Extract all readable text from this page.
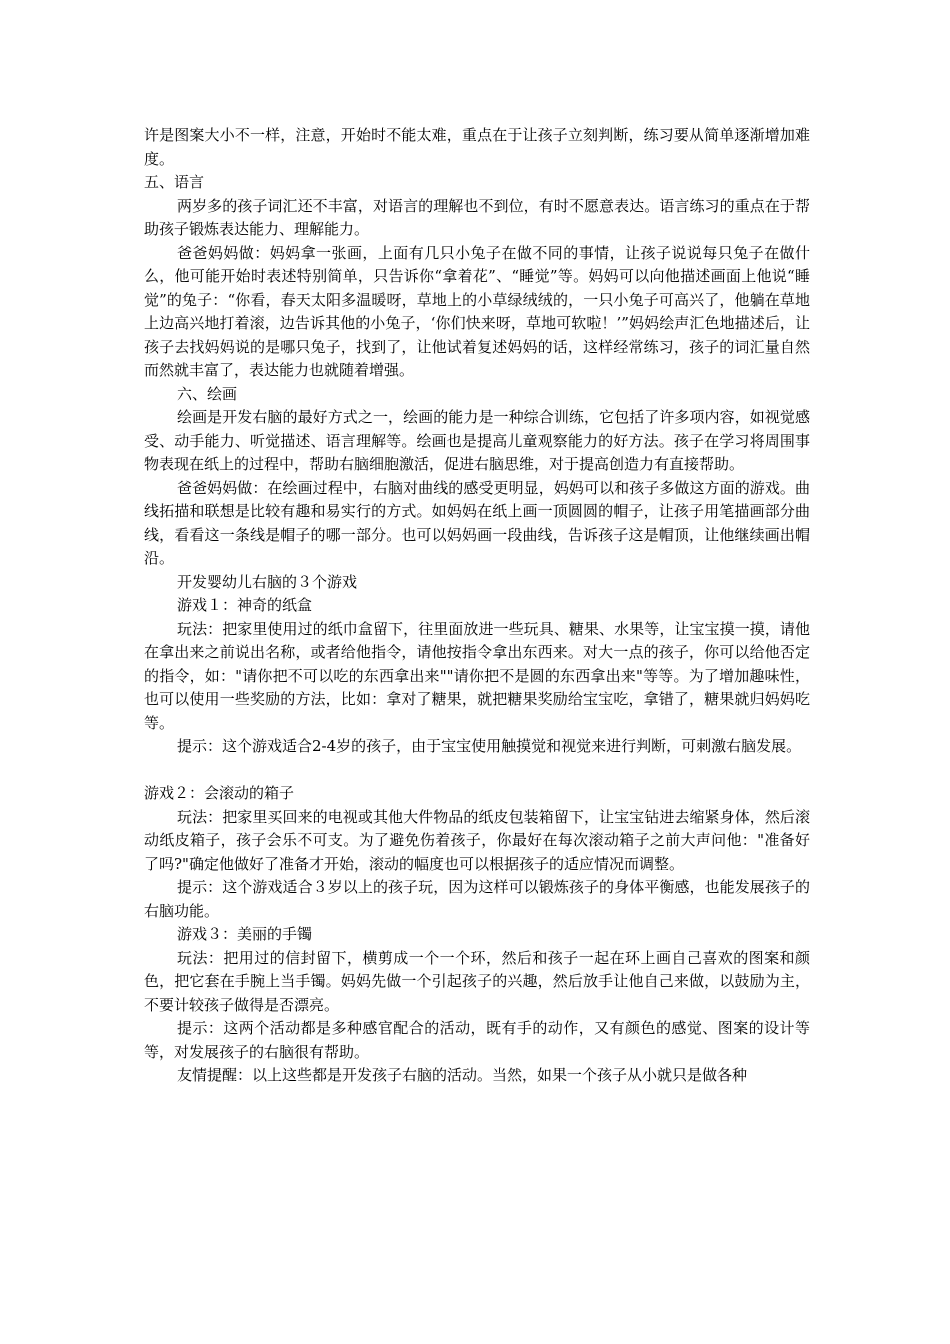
许是图案大小不一样，注意，开始时不能太难，重点在于让孩子立刻判断，练习要从简单逐渐增加难度。

五、语言

两岁多的孩子词汇还不丰富，对语言的理解也不到位，有时不愿意表达。语言练习的重点在于帮助孩子锻炼表达能力、理解能力。

爸爸妈妈做：妈妈拿一张画，上面有几只小兔子在做不同的事情，让孩子说说每只兔子在做什么，他可能开始时表述特别简单，只告诉你“拿着花”、“睡觉”等。妈妈可以向他描述画面上他说“睡觉”的兔子：“你看，春天太阳多温暖呀，草地上的小草绿绒绒的，一只小兔子可高兴了，他躺在草地上边高兴地打着滚，边告诉其他的小兔子，‘你们快来呀，草地可软啦！’”妈妈绘声汇色地描述后，让孩子去找妈妈说的是哪只兔子，找到了，让他试着复述妈妈的话，这样经常练习，孩子的词汇量自然而然就丰富了，表达能力也就随着增强。

六、绘画

绘画是开发右脑的最好方式之一，绘画的能力是一种综合训练，它包括了许多项内容，如视觉感受、动手能力、听觉描述、语言理解等。绘画也是提高儿童观察能力的好方法。孩子在学习将周围事物表现在纸上的过程中，帮助右脑细胞激活，促进右脑思维，对于提高创造力有直接帮助。

爸爸妈妈做：在绘画过程中，右脑对曲线的感受更明显，妈妈可以和孩子多做这方面的游戏。曲线拓描和联想是比较有趣和易实行的方式。如妈妈在纸上画一顶圆圆的帽子，让孩子用笔描画部分曲线，看看这一条线是帽子的哪一部分。也可以妈妈画一段曲线，告诉孩子这是帽顶，让他继续画出帽沿。

开发婴幼儿右脑的３个游戏

游戏１：神奇的纸盒

玩法：把家里使用过的纸巾盒留下，往里面放进一些玩具、糖果、水果等，让宝宝摸一摸，请他在拿出来之前说出名称，或者给他指令，请他按指令拿出东西来。对大一点的孩子，你可以给他否定的指令，如："请你把不可以吃的东西拿出来""请你把不是圆的东西拿出来"等等。为了增加趣味性，也可以使用一些奖励的方法，比如：拿对了糖果，就把糖果奖励给宝宝吃，拿错了，糖果就归妈妈吃等。

提示：这个游戏适合2-4岁的孩子，由于宝宝使用触摸觉和视觉来进行判断，可刺激右脑发展。

游戏２：会滚动的箱子

玩法：把家里买回来的电视或其他大件物品的纸皮包装箱留下，让宝宝钻进去缩紧身体，然后滚动纸皮箱子，孩子会乐不可支。为了避免伤着孩子，你最好在每次滚动箱子之前大声问他："准备好了吗?"确定他做好了准备才开始，滚动的幅度也可以根据孩子的适应情况而调整。

提示：这个游戏适合３岁以上的孩子玩，因为这样可以锻炼孩子的身体平衡感，也能发展孩子的右脑功能。

游戏３：美丽的手镯

玩法：把用过的信封留下，横剪成一个一个环，然后和孩子一起在环上画自己喜欢的图案和颜色，把它套在手腕上当手镯。妈妈先做一个引起孩子的兴趣，然后放手让他自己来做，以鼓励为主，不要计较孩子做得是否漂亮。

提示：这两个活动都是多种感官配合的活动，既有手的动作，又有颜色的感觉、图案的设计等等，对发展孩子的右脑很有帮助。

友情提醒：以上这些都是开发孩子右脑的活动。当然，如果一个孩子从小就只是做各种
